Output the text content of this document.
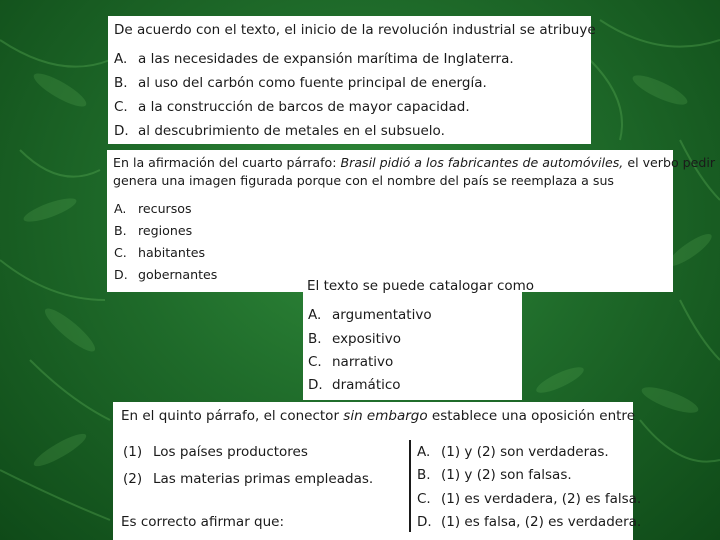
De acuerdo con el texto, el inicio de la revolución industrial se atribuye
A. a las necesidades de expansión marítima de Inglaterra.
B. al uso del carbón como fuente principal de energía.
C. a la construcción de barcos de mayor capacidad.
D. al descubrimiento de metales en el subsuelo.
En la afirmación del cuarto párrafo: Brasil pidió a los fabricantes de automóviles, el verbo pedir
genera una imagen figurada porque con el nombre del país se reemplaza a sus
A. recursos
B. regiones
C. habitantes
D. gobernantes
El texto se puede catalogar como
A. argumentativo
B. expositivo
C. narrativo
D. dramático
En el quinto párrafo, el conector sin embargo establece una oposición entre
(1) Los países productores
(2) Las materias primas empleadas.
Es correcto afirmar que:
A. (1) y (2) son verdaderas.
B. (1) y (2) son falsas.
C. (1) es verdadera, (2) es falsa.
D. (1) es falsa, (2) es verdadera.
